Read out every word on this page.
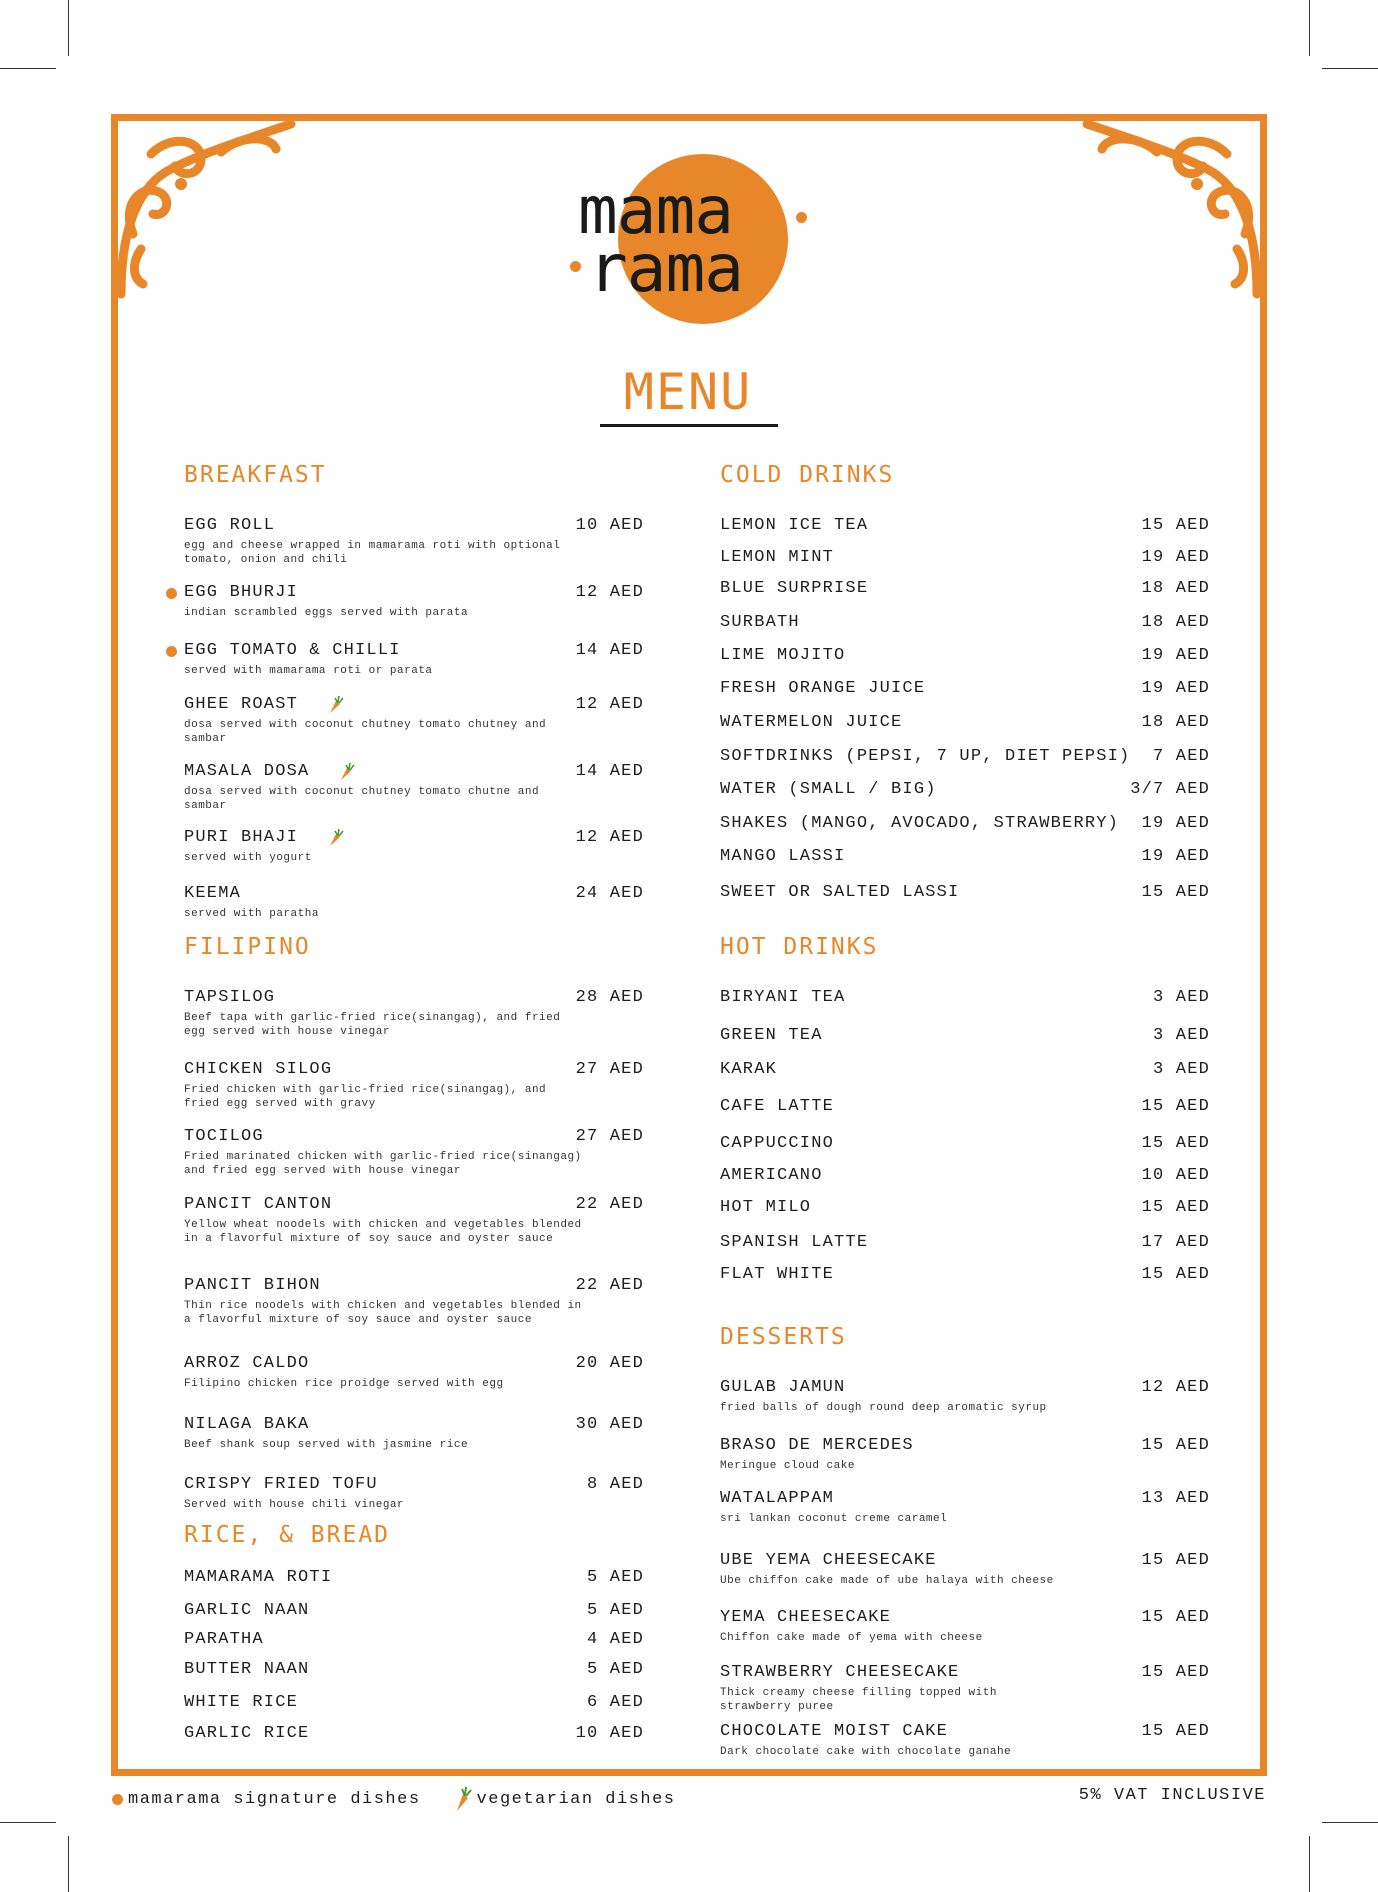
mama
rama
MENU
BREAKFAST
EGG ROLL	10 AED
egg and cheese wrapped in mamarama roti with optional tomato, onion and chili
EGG BHURJI	12 AED
indian scrambled eggs served with parata
EGG TOMATO & CHILLI	14 AED
served with mamarama roti or parata
GHEE ROAST	12 AED
dosa served with coconut chutney tomato chutney and sambar
MASALA DOSA	14 AED
dosa served with coconut chutney tomato chutne and sambar
PURI BHAJI	12 AED
served with yogurt
KEEMA	24 AED
served with paratha
FILIPINO
TAPSILOG	28 AED
Beef tapa with garlic-fried rice(sinangag), and fried egg served with house vinegar
CHICKEN SILOG	27 AED
Fried chicken with garlic-fried rice(sinangag), and fried egg served with gravy
TOCILOG	27 AED
Fried marinated chicken with garlic-fried rice(sinangag) and fried egg served with house vinegar
PANCIT CANTON	22 AED
Yellow wheat noodels with chicken and vegetables blended in a flavorful mixture of soy sauce and oyster sauce
PANCIT BIHON	22 AED
Thin rice noodels with chicken and vegetables blended in a flavorful mixture of soy sauce and oyster sauce
ARROZ CALDO	20 AED
Filipino chicken rice proidge served with egg
NILAGA BAKA	30 AED
Beef shank soup served with jasmine rice
CRISPY FRIED TOFU	8 AED
Served with house chili vinegar
RICE, & BREAD
MAMARAMA ROTI	5 AED
GARLIC NAAN	5 AED
PARATHA	4 AED
BUTTER NAAN	5 AED
WHITE RICE	6 AED
GARLIC RICE	10 AED
COLD DRINKS
LEMON ICE TEA	15 AED
LEMON MINT	19 AED
BLUE SURPRISE	18 AED
SURBATH	18 AED
LIME MOJITO	19 AED
FRESH ORANGE JUICE	19 AED
WATERMELON JUICE	18 AED
SOFTDRINKS (PEPSI, 7 UP, DIET PEPSI) 7 AED
WATER (SMALL / BIG)	3/7 AED
SHAKES (MANGO, AVOCADO, STRAWBERRY) 19 AED
MANGO LASSI	19 AED
SWEET OR SALTED LASSI	15 AED
HOT DRINKS
BIRYANI TEA	3 AED
GREEN TEA	3 AED
KARAK	3 AED
CAFE LATTE	15 AED
CAPPUCCINO	15 AED
AMERICANO	10 AED
HOT MILO	15 AED
SPANISH LATTE	17 AED
FLAT WHITE	15 AED
DESSERTS
GULAB JAMUN	12 AED
fried balls of dough round deep aromatic syrup
BRASO DE MERCEDES	15 AED
Meringue cloud cake
WATALAPPAM	13 AED
sri lankan coconut creme caramel
UBE YEMA CHEESECAKE	15 AED
Ube chiffon cake made of ube halaya with cheese
YEMA CHEESECAKE	15 AED
Chiffon cake made of yema with cheese
STRAWBERRY CHEESECAKE	15 AED
Thick creamy cheese filling topped with strawberry puree
CHOCOLATE MOIST CAKE	15 AED
Dark chocolate cake with chocolate ganahe
mamarama signature dishes	vegetarian dishes	5% VAT INCLUSIVE
